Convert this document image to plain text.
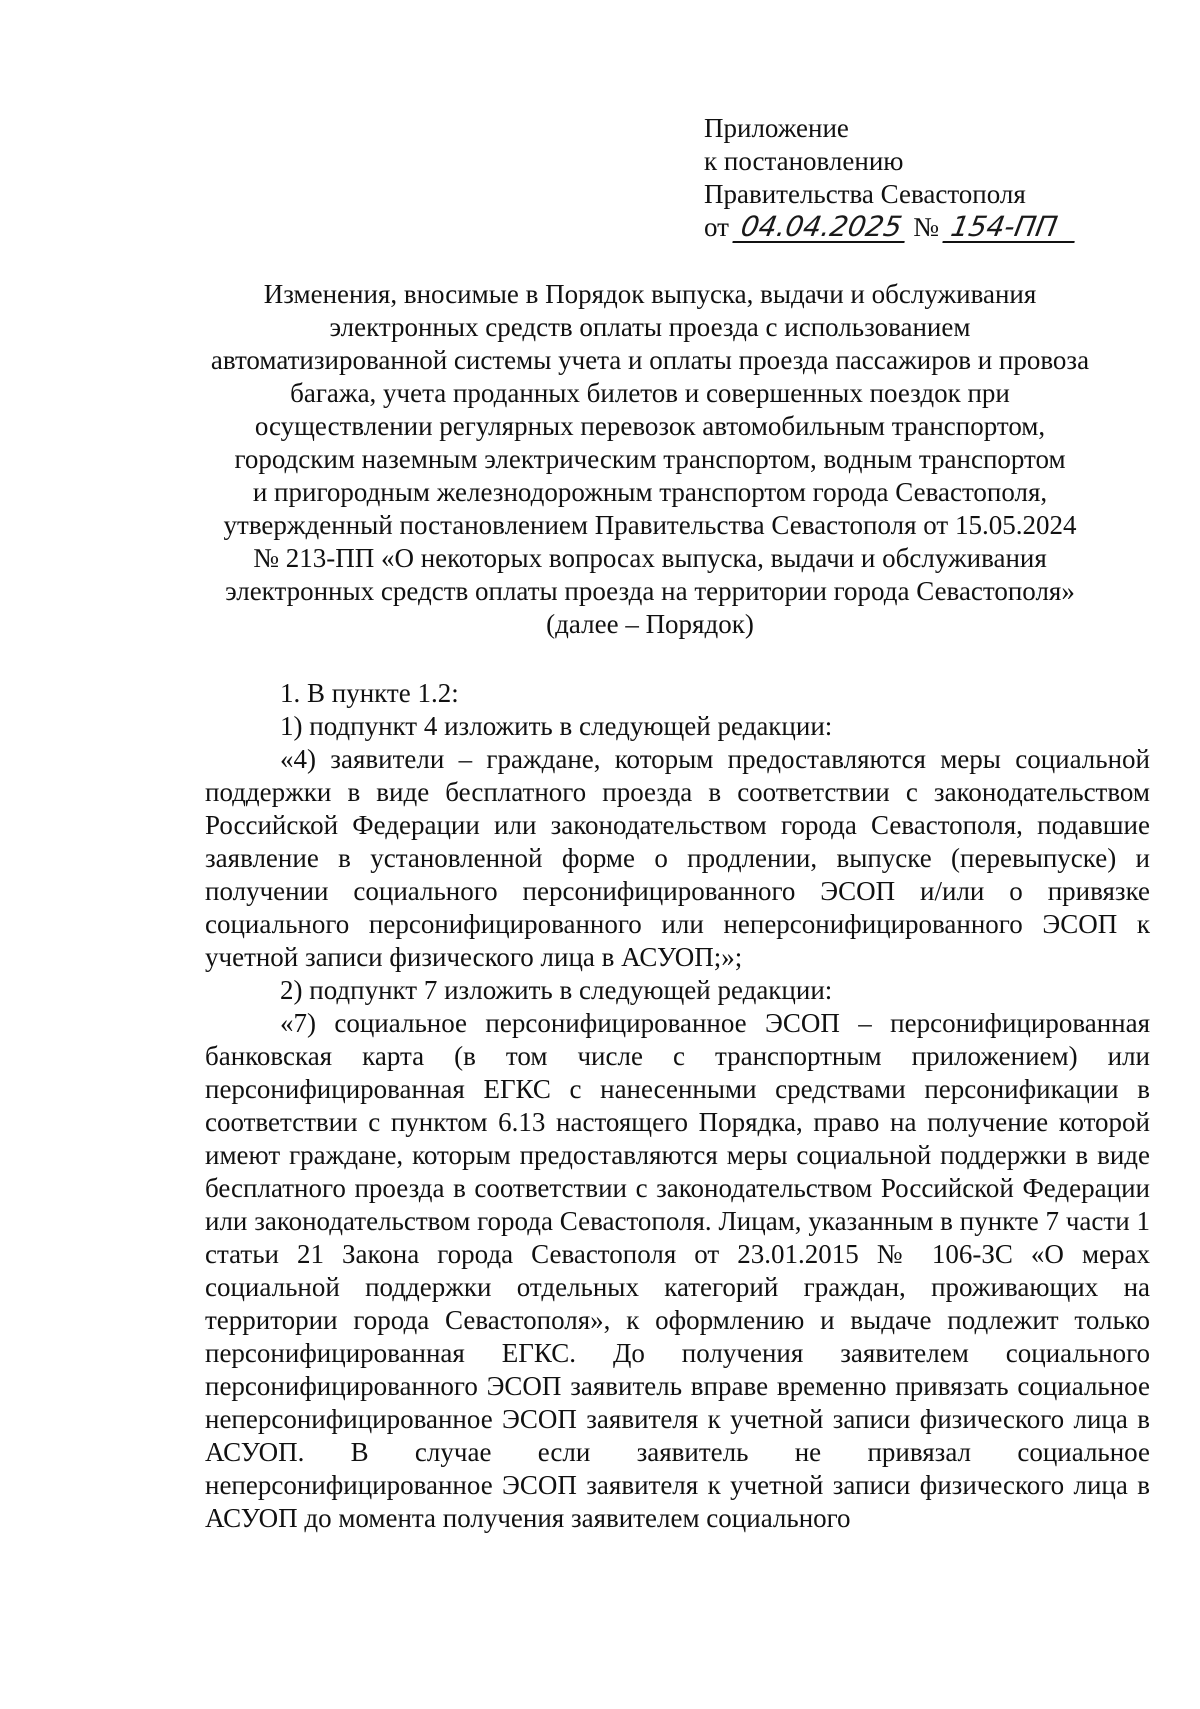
Приложение
к постановлению
Правительства Севастополя
от 04.04.2025 № 154-ПП
Изменения, вносимые в Порядок выпуска, выдачи и обслуживания
электронных средств оплаты проезда с использованием
автоматизированной системы учета и оплаты проезда пассажиров и провоза
багажа, учета проданных билетов и совершенных поездок при
осуществлении регулярных перевозок автомобильным транспортом,
городским наземным электрическим транспортом, водным транспортом
и пригородным железнодорожным транспортом города Севастополя,
утвержденный постановлением Правительства Севастополя от 15.05.2024
№ 213-ПП «О некоторых вопросах выпуска, выдачи и обслуживания
электронных средств оплаты проезда на территории города Севастополя»
(далее – Порядок)

1. В пункте 1.2:

1) подпункт 4 изложить в следующей редакции:

«4) заявители – граждане, которым предоставляются меры социальной поддержки в виде бесплатного проезда в соответствии с законодательством Российской Федерации или законодательством города Севастополя, подавшие заявление в установленной форме о продлении, выпуске (перевыпуске) и получении социального персонифицированного ЭСОП и/или о привязке социального персонифицированного или неперсонифицированного ЭСОП к учетной записи физического лица в АСУОП;»;

2) подпункт 7 изложить в следующей редакции:

«7) социальное персонифицированное ЭСОП – персонифицированная банковская карта (в том числе с транспортным приложением) или персонифицированная ЕГКС с нанесенными средствами персонификации в соответствии с пунктом 6.13 настоящего Порядка, право на получение которой имеют граждане, которым предоставляются меры социальной поддержки в виде бесплатного проезда в соответствии с законодательством Российской Федерации или законодательством города Севастополя. Лицам, указанным в пункте 7 части 1 статьи 21 Закона города Севастополя от 23.01.2015 № 106-ЗС «О мерах социальной поддержки отдельных категорий граждан, проживающих на территории города Севастополя», к оформлению и выдаче подлежит только персонифицированная ЕГКС. До получения заявителем социального персонифицированного ЭСОП заявитель вправе временно привязать социальное неперсонифицированное ЭСОП заявителя к учетной записи физического лица в АСУОП. В случае если заявитель не привязал социальное неперсонифицированное ЭСОП заявителя к учетной записи физического лица в АСУОП до момента получения заявителем социального
